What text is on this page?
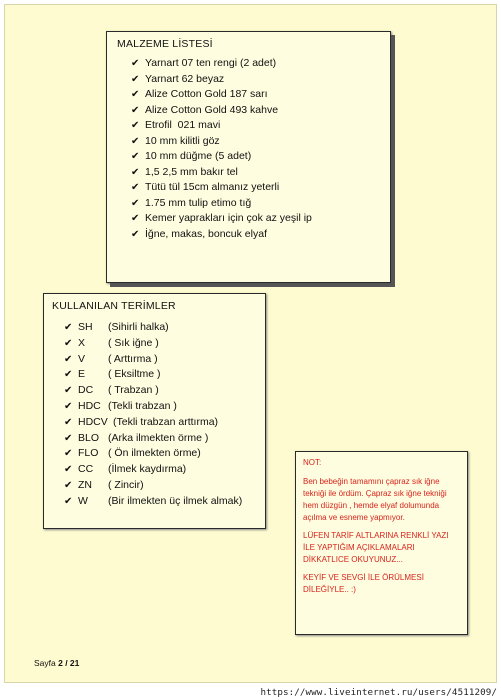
MALZEME LİSTESİ
✔ Yarnart 07 ten rengi (2 adet)
✔ Yarnart 62 beyaz
✔ Alize Cotton Gold 187 sarı
✔ Alize Cotton Gold 493 kahve
✔ Etrofil  021 mavi
✔ 10 mm kilitli göz
✔ 10 mm düğme (5 adet)
✔ 1,5 2,5 mm bakır tel
✔ Tütü tül 15cm almanız yeterli
✔ 1.75 mm tulip etimo tığ
✔ Kemer yaprakları için çok az yeşil ip
✔ İğne, makas, boncuk elyaf
KULLANILAN TERİMLER
✔ SH (Sihirli halka)
✔ X ( Sık iğne )
✔ V ( Arttırma )
✔ E ( Eksiltme )
✔ DC ( Trabzan )
✔ HDC (Tekli trabzan )
✔ HDCV (Tekli trabzan arttırma)
✔ BLO (Arka ilmekten örme )
✔ FLO ( Ön ilmekten örme)
✔ CC (İlmek kaydırma)
✔ ZN ( Zincir)
✔ W (Bir ilmekten üç ilmek almak)

NOT:

Ben bebeğin tamamını çapraz sık iğne tekniği ile ördüm. Çapraz sık iğne tekniği hem düzgün , hemde elyaf dolumunda açılma ve esneme yapmıyor.

LÜFEN TARİF ALTLARINA RENKLİ YAZI İLE YAPTIĞIM AÇIKLAMALARI DİKKATLICE OKUYUNUZ...

KEYİF VE SEVGİ İLE ÖRÜLMESİ DİLEĞİYLE.. :)

Sayfa 2 / 21
https://www.liveinternet.ru/users/4511209/
